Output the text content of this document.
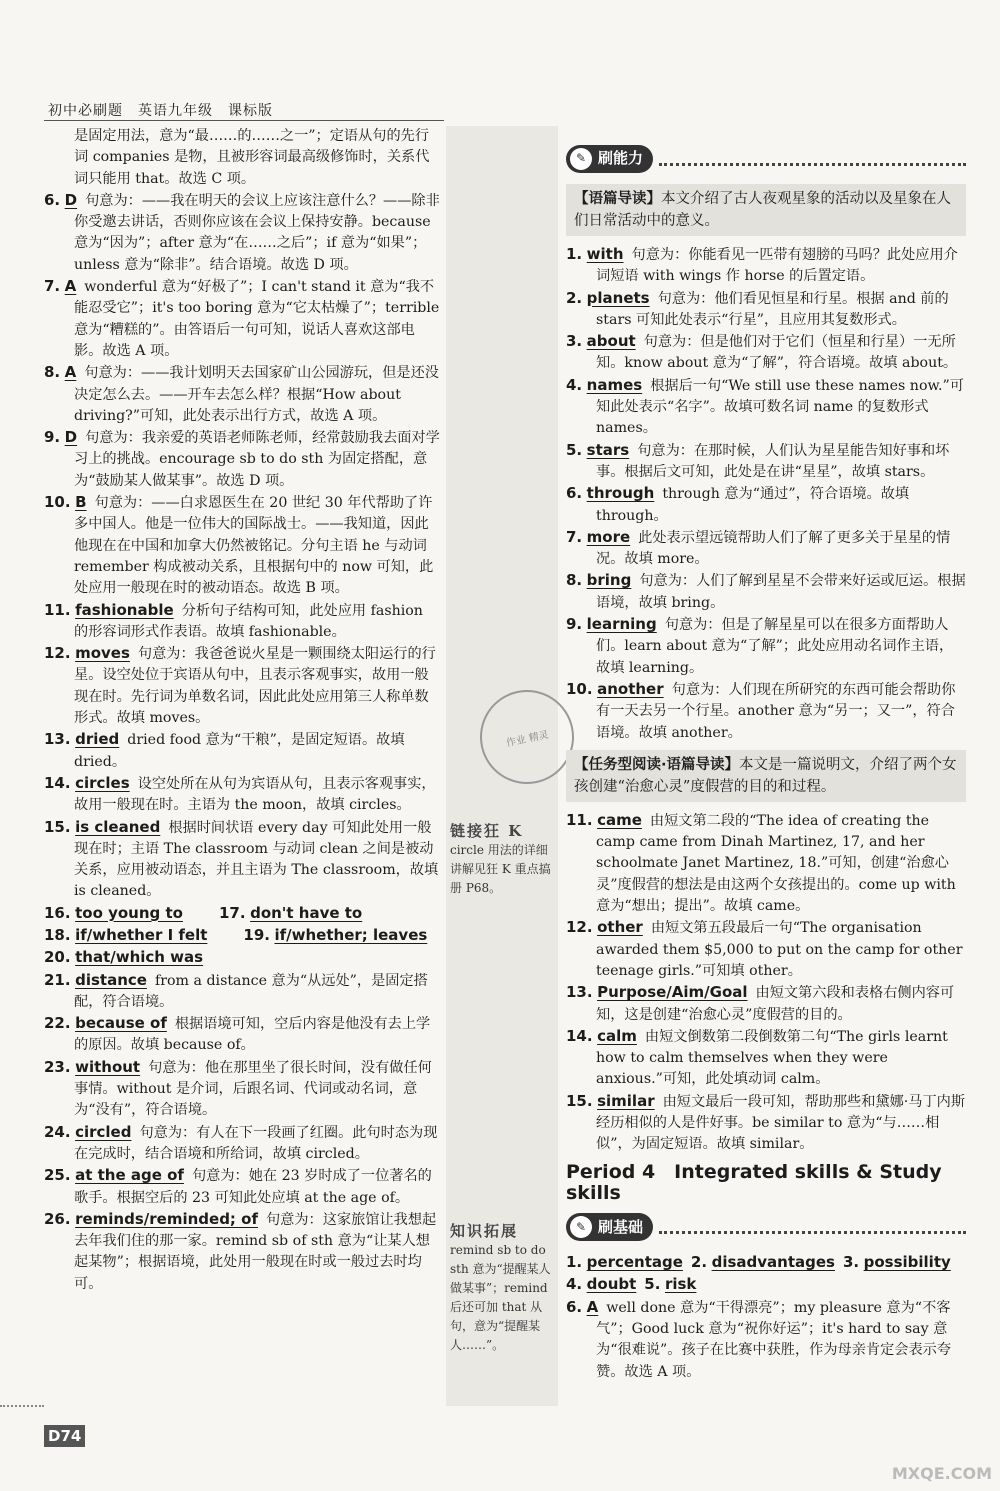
初中必刷题　英语九年级　课标版

是固定用法，意为“最……的……之一”；定语从句的先行词 companies 是物，且被形容词最高级修饰时，关系代词只能用 that。故选 C 项。

6. D 句意为：——我在明天的会议上应该注意什么？——除非你受邀去讲话，否则你应该在会议上保持安静。because 意为“因为”；after 意为“在……之后”；if 意为“如果”；unless 意为“除非”。结合语境。故选 D 项。

7. A wonderful 意为“好极了”；I can't stand it 意为“我不能忍受它”；it's too boring 意为“它太枯燥了”；terrible 意为“糟糕的”。由答语后一句可知，说话人喜欢这部电影。故选 A 项。

8. A 句意为：——我计划明天去国家矿山公园游玩，但是还没决定怎么去。——开车去怎么样？根据“How about driving?”可知，此处表示出行方式，故选 A 项。

9. D 句意为：我亲爱的英语老师陈老师，经常鼓励我去面对学习上的挑战。encourage sb to do sth 为固定搭配，意为“鼓励某人做某事”。故选 D 项。

10. B 句意为：——白求恩医生在 20 世纪 30 年代帮助了许多中国人。他是一位伟大的国际战士。——我知道，因此他现在在中国和加拿大仍然被铭记。分句主语 he 与动词 remember 构成被动关系，且根据句中的 now 可知，此处应用一般现在时的被动语态。故选 B 项。

11. fashionable 分析句子结构可知，此处应用 fashion 的形容词形式作表语。故填 fashionable。

12. moves 句意为：我爸爸说火星是一颗围绕太阳运行的行星。设空处位于宾语从句中，且表示客观事实，故用一般现在时。先行词为单数名词，因此此处应用第三人称单数形式。故填 moves。

13. dried dried food 意为“干粮”，是固定短语。故填 dried。

14. circles 设空处所在从句为宾语从句，且表示客观事实，故用一般现在时。主语为 the moon，故填 circles。

15. is cleaned 根据时间状语 every day 可知此处用一般现在时；主语 The classroom 与动词 clean 之间是被动关系，应用被动语态，并且主语为 The classroom，故填 is cleaned。

16. too young to 17. don't have to

18. if/whether I felt 19. if/whether; leaves

20. that/which was

21. distance from a distance 意为“从远处”，是固定搭配，符合语境。

22. because of 根据语境可知，空后内容是他没有去上学的原因。故填 because of。

23. without 句意为：他在那里坐了很长时间，没有做任何事情。without 是介词，后跟名词、代词或动名词，意为“没有”，符合语境。

24. circled 句意为：有人在下一段画了红圈。此句时态为现在完成时，结合语境和所给词，故填 circled。

25. at the age of 句意为：她在 23 岁时成了一位著名的歌手。根据空后的 23 可知此处应填 at the age of。

26. reminds/reminded; of 句意为：这家旅馆让我想起去年我们住的那一家。remind sb of sth 意为“让某人想起某物”；根据语境，此处用一般现在时或一般过去时均可。

链接狂 K
circle 用法的详细讲解见狂 K 重点搞册 P68。
知识拓展
remind sb to do sth 意为“提醒某人做某事”；remind 后还可加 that 从句，意为“提醒某人……”。
作业 精灵
✎ 刷能力
【语篇导读】本文介绍了古人夜观星象的活动以及星象在人们日常活动中的意义。

1. with 句意为：你能看见一匹带有翅膀的马吗？此处应用介词短语 with wings 作 horse 的后置定语。

2. planets 句意为：他们看见恒星和行星。根据 and 前的 stars 可知此处表示“行星”，且应用其复数形式。

3. about 句意为：但是他们对于它们（恒星和行星）一无所知。know about 意为“了解”，符合语境。故填 about。

4. names 根据后一句“We still use these names now.”可知此处表示“名字”。故填可数名词 name 的复数形式 names。

5. stars 句意为：在那时候，人们认为星星能告知好事和坏事。根据后文可知，此处是在讲“星星”，故填 stars。

6. through through 意为“通过”，符合语境。故填 through。

7. more 此处表示望远镜帮助人们了解了更多关于星星的情况。故填 more。

8. bring 句意为：人们了解到星星不会带来好运或厄运。根据语境，故填 bring。

9. learning 句意为：但是了解星星可以在很多方面帮助人们。learn about 意为“了解”；此处应用动名词作主语，故填 learning。

10. another 句意为：人们现在所研究的东西可能会帮助你有一天去另一个行星。another 意为“另一；又一”，符合语境。故填 another。

【任务型阅读·语篇导读】本文是一篇说明文，介绍了两个女孩创建“治愈心灵”度假营的目的和过程。

11. came 由短文第二段的“The idea of creating the camp came from Dinah Martinez, 17, and her schoolmate Janet Martinez, 18.”可知，创建“治愈心灵”度假营的想法是由这两个女孩提出的。come up with 意为“想出；提出”。故填 came。

12. other 由短文第五段最后一句“The organisation awarded them $5,000 to put on the camp for other teenage girls.”可知填 other。

13. Purpose/Aim/Goal 由短文第六段和表格右侧内容可知，这是创建“治愈心灵”度假营的目的。

14. calm 由短文倒数第二段倒数第二句“The girls learnt how to calm themselves when they were anxious.”可知，此处填动词 calm。

15. similar 由短文最后一段可知，帮助那些和黛娜·马丁内斯经历相似的人是件好事。be similar to 意为“与……相似”，为固定短语。故填 similar。

Period 4　Integrated skills & Study skills
✎ 刷基础

1. percentage 2. disadvantages 3. possibility

4. doubt 5. risk

6. A well done 意为“干得漂亮”；my pleasure 意为“不客气”；Good luck 意为“祝你好运”；it's hard to say 意为“很难说”。孩子在比赛中获胜，作为母亲肯定会表示夸赞。故选 A 项。

D74
MXQE.COM
